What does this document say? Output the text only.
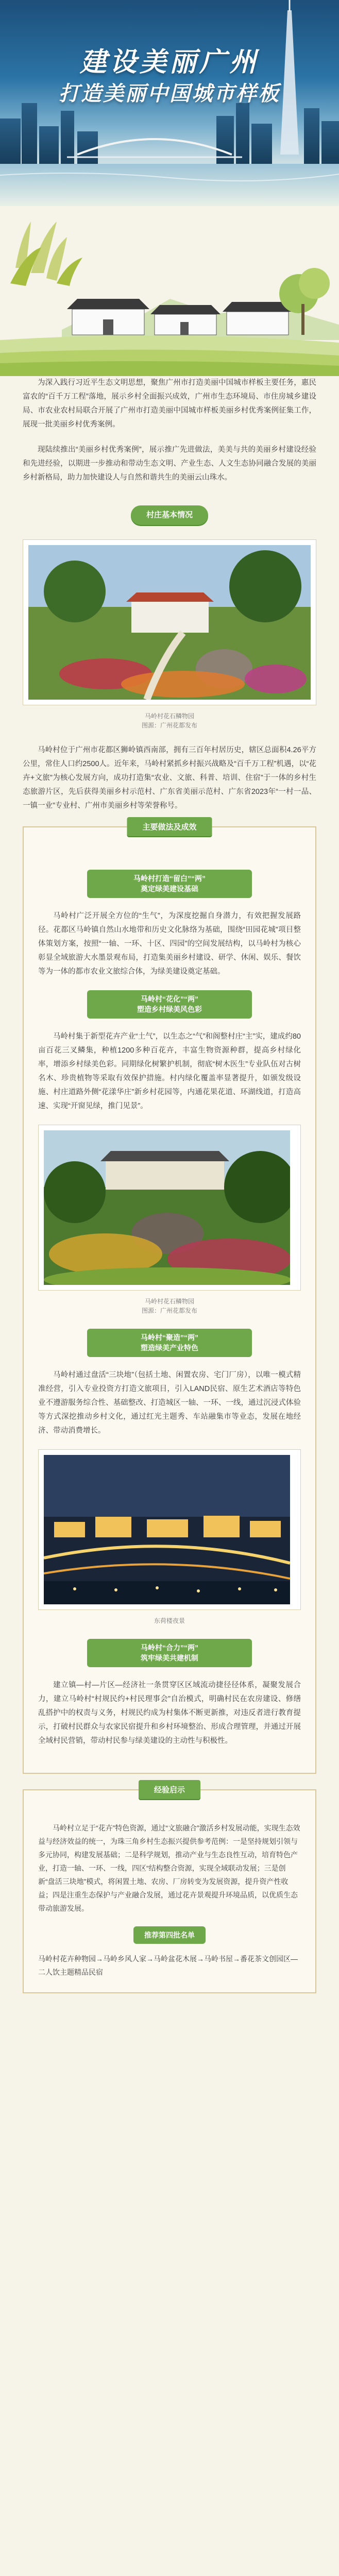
建设美丽广州
打造美丽中国城市样板

为深入践行习近平生态文明思想，聚焦广州市打造美丽中国城市样板主要任务，惠民富农的“百千万工程”落地，展示乡村全面振兴成效，广州市生态环境局、市住房城乡建设局、市农业农村局联合开展了广州市打造美丽中国城市样板美丽乡村优秀案例征集工作，展现一批美丽乡村优秀案例。

现陆续推出“美丽乡村优秀案例”，展示推广先进做法，美美与共的美丽乡村建设经验和先进经验，以期进一步推动和带动生态文明、产业生态、人文生态协同融合发展的美丽乡村新格局，助力加快建设人与自然和谐共生的美丽云山珠水。

村庄基本情况
马岭村花石鳞物园
图源：广州花都发布

马岭村位于广州市花都区狮岭镇西南部，拥有三百年村居历史，辖区总面积4.26平方公里，常住人口约2500人。近年来，马岭村紧抓乡村振兴战略及“百千万工程”机遇，以“花卉+文旅”为核心发展方向，成功打造集“农业、文旅、科普、培训、住宿”于一体的乡村生态旅游片区，先后获得美丽乡村示范村、广东省美丽示范村、广东省2023年“一村一品、一镇一业”专业村、广州市美丽乡村等荣誉称号。

主要做法及成效
马岭村打造“留白”“两”
奠定绿美建设基础

马岭村广泛开展全方位的“生气”，为深度挖掘自身潜力，有效把握发展路径。花都区马岭镇自然山水地带和历史文化脉络为基础，围绕“田园花城”项目整体策划方案，按照“一轴、一环、十区、四园”的空间发展结构，以马岭村为核心彰显全域旅游大水墨景观布局，打造集美丽乡村建设、研学、休闲、娱乐、餐饮等为一体的都市农业文旅综合体，为绿美建设奠定基础。

马岭村“花化”“两”
塑造乡村绿美风色彩

马岭村集于新型花卉产业“土气”，以生态之“气”和阁整村庄“主”实，建成约80亩百花三叉鳞集，种植1200多种百花卉，丰富生物资源种群，提高乡村绿化率，增添乡村绿美色彩。同期绿化树繁护机制，彻底“树木医生”专业队伍对古树名木、珍贵植物等采取有效保护措施。村内绿化覆盖率显著提升，如颁发级设施、村庄道路外侧“花漾华庄”新乡村花园等，内通花果花道、环湖线道，打造高速、实现“开窗见绿，推门见景”。

马岭村花石鳞物园
图源：广州花都发布
马岭村“聚造”“两”
塑造绿美产业特色

马岭村通过盘活“三块地”（包括土地、闲置农房、宅门厂房），以唯一模式精准经营，引入专业投资方打造文旅项目，引入LAND民宿、原生艺术酒店等特色业不遵游服务综合性、基础整改、打造城区一轴、一环、一线，通过沉浸式体验等方式深挖推动乡村文化，通过红光主题秀、车站融集市等业态，发展在地经济、带动消费增长。

东荷楼夜景
马岭村“合力”“两”
筑牢绿美共建机制

建立镇—村—片区—经济社一条贯穿区区域流动捷径径体系，凝聚发展合力，建立马岭村“村规民约+村民理事会”自治模式，明确村民在农房建设、修缮乱搭护中的权责与义务，村规民约成为村集体不断更新推，对违反者进行教育提示，打破村民群众与农家民宿提升和乡村环境整治、形成合理管理，并通过开展全域村民营销，带动村民参与绿美建设的主动性与积极性。

经验启示

马岭村立足于“花卉”特色资源，通过“文旅融合”激活乡村发展动能，实现生态效益与经济效益的统一，为珠三角乡村生态振兴提供参考范例：一是坚持规划引领与多元协同，构建发展基础；二是科学规划，推动产业与生态良性互动，培育特色产业，打造一轴、一环、一线，四区“结构整合资源，实现全域联动发展；三是创新“盘活三块地”模式，将闲置土地、农房、厂房转变为发展资源，提升资产性收益；四是注重生态保护与产业融合发展，通过花卉景观提升环境品质，以优质生态带动旅游发展。

推荐第四批名单

马岭村花卉种物园→马岭乡风人家→马岭盆花木展→马岭书屋→番花茶文创园区—二人饮主题精品民宿
